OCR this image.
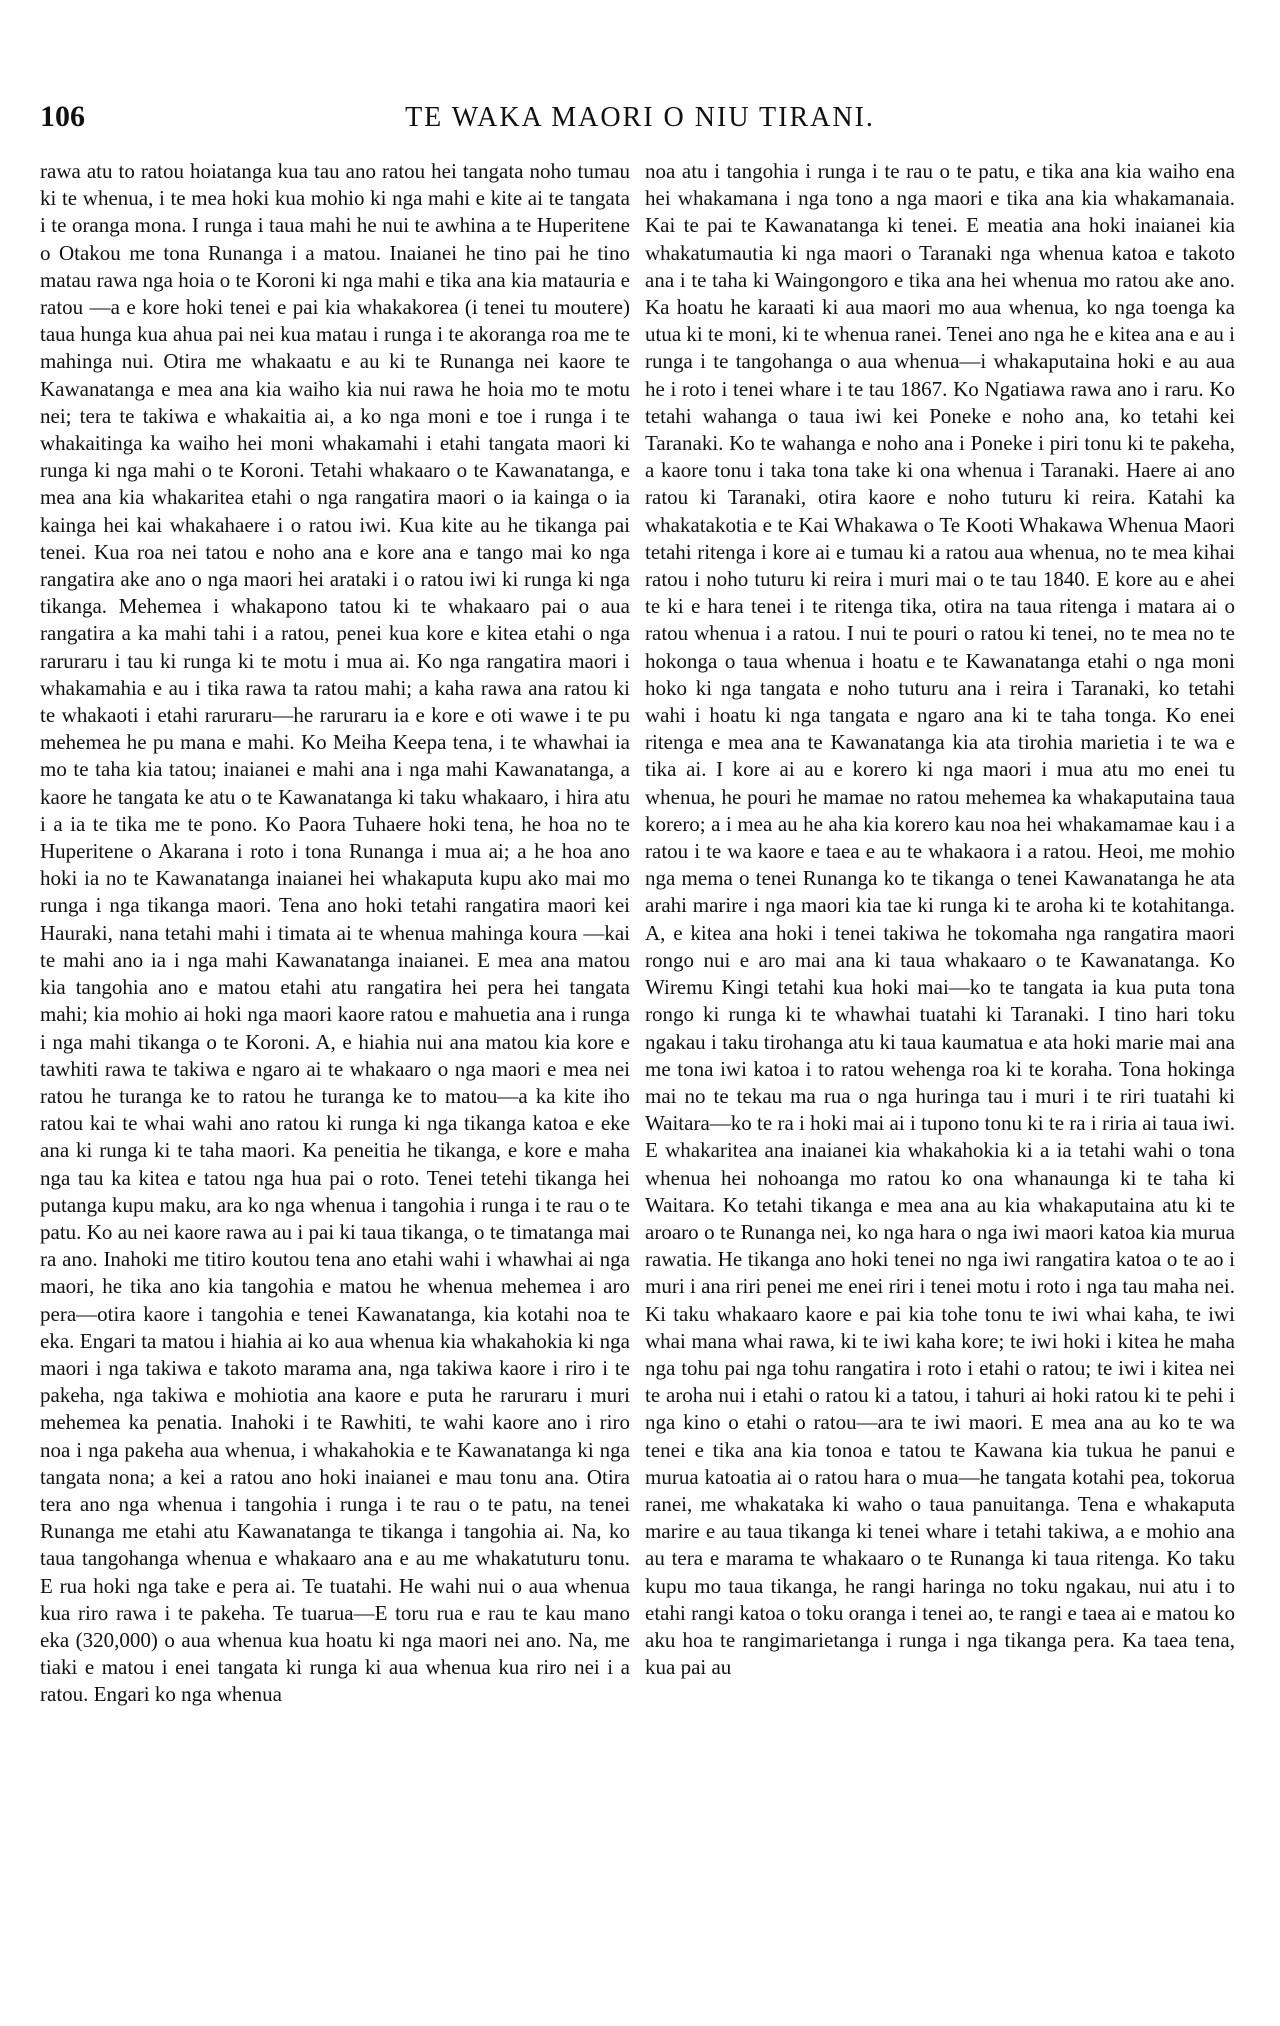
106	TE WAKA MAORI O NIU TIRANI.

rawa atu to ratou hoiatanga kua tau ano ratou hei tangata noho tumau ki te whenua, i te mea hoki kua mohio ki nga mahi e kite ai te tangata i te oranga mona. I runga i taua mahi he nui te awhina a te Huperitene o Otakou me tona Runanga i a matou. Inaianei he tino pai he tino matau rawa nga hoia o te Koroni ki nga mahi e tika ana kia matauria e ratou —a e kore hoki tenei e pai kia whakakorea (i tenei tu moutere) taua hunga kua ahua pai nei kua matau i runga i te akoranga roa me te mahinga nui. Otira me whakaatu e au ki te Runanga nei kaore te Kawanatanga e mea ana kia waiho kia nui rawa he hoia mo te motu nei; tera te takiwa e whakaitia ai, a ko nga moni e toe i runga i te whakaitinga ka waiho hei moni whakamahi i etahi tangata maori ki runga ki nga mahi o te Koroni. Tetahi whakaaro o te Kawanatanga, e mea ana kia whakaritea etahi o nga rangatira maori o ia kainga o ia kainga hei kai whakahaere i o ratou iwi. Kua kite au he tikanga pai tenei. Kua roa nei tatou e noho ana e kore ana e tango mai ko nga rangatira ake ano o nga maori hei arataki i o ratou iwi ki runga ki nga tikanga. Mehemea i whakapono tatou ki te whakaaro pai o aua rangatira a ka mahi tahi i a ratou, penei kua kore e kitea etahi o nga raruraru i tau ki runga ki te motu i mua ai. Ko nga rangatira maori i whakamahia e au i tika rawa ta ratou mahi; a kaha rawa ana ratou ki te whakaoti i etahi raruraru—he raruraru ia e kore e oti wawe i te pu mehemea he pu mana e mahi. Ko Meiha Keepa tena, i te whawhai ia mo te taha kia tatou; inaianei e mahi ana i nga mahi Kawanatanga, a kaore he tangata ke atu o te Kawanatanga ki taku whakaaro, i hira atu i a ia te tika me te pono. Ko Paora Tuhaere hoki tena, he hoa no te Huperitene o Akarana i roto i tona Runanga i mua ai; a he hoa ano hoki ia no te Kawanatanga inaianei hei whakaputa kupu ako mai mo runga i nga tikanga maori. Tena ano hoki tetahi rangatira maori kei Hauraki, nana tetahi mahi i timata ai te whenua mahinga koura —kai te mahi ano ia i nga mahi Kawanatanga inaianei. E mea ana matou kia tangohia ano e matou etahi atu rangatira hei pera hei tangata mahi; kia mohio ai hoki nga maori kaore ratou e mahuetia ana i runga i nga mahi tikanga o te Koroni. A, e hiahia nui ana matou kia kore e tawhiti rawa te takiwa e ngaro ai te whakaaro o nga maori e mea nei ratou he turanga ke to ratou he turanga ke to matou—a ka kite iho ratou kai te whai wahi ano ratou ki runga ki nga tikanga katoa e eke ana ki runga ki te taha maori. Ka peneitia he tikanga, e kore e maha nga tau ka kitea e tatou nga hua pai o roto. Tenei tetehi tikanga hei putanga kupu maku, ara ko nga whenua i tangohia i runga i te rau o te patu. Ko au nei kaore rawa au i pai ki taua tikanga, o te timatanga mai ra ano. Inahoki me titiro koutou tena ano etahi wahi i whawhai ai nga maori, he tika ano kia tangohia e matou he whenua mehemea i aro pera—otira kaore i tangohia e tenei Kawanatanga, kia kotahi noa te eka. Engari ta matou i hiahia ai ko aua whenua kia whakahokia ki nga maori i nga takiwa e takoto marama ana, nga takiwa kaore i riro i te pakeha, nga takiwa e mohiotia ana kaore e puta he raruraru i muri mehemea ka penatia. Inahoki i te Rawhiti, te wahi kaore ano i riro noa i nga pakeha aua whenua, i whakahokia e te Kawanatanga ki nga tangata nona; a kei a ratou ano hoki inaianei e mau tonu ana. Otira tera ano nga whenua i tangohia i runga i te rau o te patu, na tenei Runanga me etahi atu Kawanatanga te tikanga i tangohia ai. Na, ko taua tangohanga whenua e whakaaro ana e au me whakatuturu tonu. E rua hoki nga take e pera ai. Te tuatahi. He wahi nui o aua whenua kua riro rawa i te pakeha. Te tuarua—E toru rua e rau te kau mano eka (320,000) o aua whenua kua hoatu ki nga maori nei ano. Na, me tiaki e matou i enei tangata ki runga ki aua whenua kua riro nei i a ratou. Engari ko nga whenua

noa atu i tangohia i runga i te rau o te patu, e tika ana kia waiho ena hei whakamana i nga tono a nga maori e tika ana kia whakamanaia. Kai te pai te Kawanatanga ki tenei. E meatia ana hoki inaianei kia whakatumautia ki nga maori o Taranaki nga whenua katoa e takoto ana i te taha ki Waingongoro e tika ana hei whenua mo ratou ake ano. Ka hoatu he karaati ki aua maori mo aua whenua, ko nga toenga ka utua ki te moni, ki te whenua ranei. Tenei ano nga he e kitea ana e au i runga i te tangohanga o aua whenua—i whakaputaina hoki e au aua he i roto i tenei whare i te tau 1867. Ko Ngatiawa rawa ano i raru. Ko tetahi wahanga o taua iwi kei Poneke e noho ana, ko tetahi kei Taranaki. Ko te wahanga e noho ana i Poneke i piri tonu ki te pakeha, a kaore tonu i taka tona take ki ona whenua i Taranaki. Haere ai ano ratou ki Taranaki, otira kaore e noho tuturu ki reira. Katahi ka whakatakotia e te Kai Whakawa o Te Kooti Whakawa Whenua Maori tetahi ritenga i kore ai e tumau ki a ratou aua whenua, no te mea kihai ratou i noho tuturu ki reira i muri mai o te tau 1840. E kore au e ahei te ki e hara tenei i te ritenga tika, otira na taua ritenga i matara ai o ratou whenua i a ratou. I nui te pouri o ratou ki tenei, no te mea no te hokonga o taua whenua i hoatu e te Kawanatanga etahi o nga moni hoko ki nga tangata e noho tuturu ana i reira i Taranaki, ko tetahi wahi i hoatu ki nga tangata e ngaro ana ki te taha tonga. Ko enei ritenga e mea ana te Kawanatanga kia ata tirohia marietia i te wa e tika ai. I kore ai au e korero ki nga maori i mua atu mo enei tu whenua, he pouri he mamae no ratou mehemea ka whakaputaina taua korero; a i mea au he aha kia korero kau noa hei whakamamae kau i a ratou i te wa kaore e taea e au te whakaora i a ratou. Heoi, me mohio nga mema o tenei Runanga ko te tikanga o tenei Kawanatanga he ata arahi marire i nga maori kia tae ki runga ki te aroha ki te kotahitanga. A, e kitea ana hoki i tenei takiwa he tokomaha nga rangatira maori rongo nui e aro mai ana ki taua whakaaro o te Kawanatanga. Ko Wiremu Kingi tetahi kua hoki mai—ko te tangata ia kua puta tona rongo ki runga ki te whawhai tuatahi ki Taranaki. I tino hari toku ngakau i taku tirohanga atu ki taua kaumatua e ata hoki marie mai ana me tona iwi katoa i to ratou wehenga roa ki te koraha. Tona hokinga mai no te tekau ma rua o nga huringa tau i muri i te riri tuatahi ki Waitara—ko te ra i hoki mai ai i tupono tonu ki te ra i riria ai taua iwi. E whakaritea ana inaianei kia whakahokia ki a ia tetahi wahi o tona whenua hei nohoanga mo ratou ko ona whanaunga ki te taha ki Waitara. Ko tetahi tikanga e mea ana au kia whakaputaina atu ki te aroaro o te Runanga nei, ko nga hara o nga iwi maori katoa kia murua rawatia. He tikanga ano hoki tenei no nga iwi rangatira katoa o te ao i muri i ana riri penei me enei riri i tenei motu i roto i nga tau maha nei. Ki taku whakaaro kaore e pai kia tohe tonu te iwi whai kaha, te iwi whai mana whai rawa, ki te iwi kaha kore; te iwi hoki i kitea he maha nga tohu pai nga tohu rangatira i roto i etahi o ratou; te iwi i kitea nei te aroha nui i etahi o ratou ki a tatou, i tahuri ai hoki ratou ki te pehi i nga kino o etahi o ratou—ara te iwi maori. E mea ana au ko te wa tenei e tika ana kia tonoa e tatou te Kawana kia tukua he panui e murua katoatia ai o ratou hara o mua—he tangata kotahi pea, tokorua ranei, me whakataka ki waho o taua panuitanga. Tena e whakaputa marire e au taua tikanga ki tenei whare i tetahi takiwa, a e mohio ana au tera e marama te whakaaro o te Runanga ki taua ritenga. Ko taku kupu mo taua tikanga, he rangi haringa no toku ngakau, nui atu i to etahi rangi katoa o toku oranga i tenei ao, te rangi e taea ai e matou ko aku hoa te rangimarietanga i runga i nga tikanga pera. Ka taea tena, kua pai au
